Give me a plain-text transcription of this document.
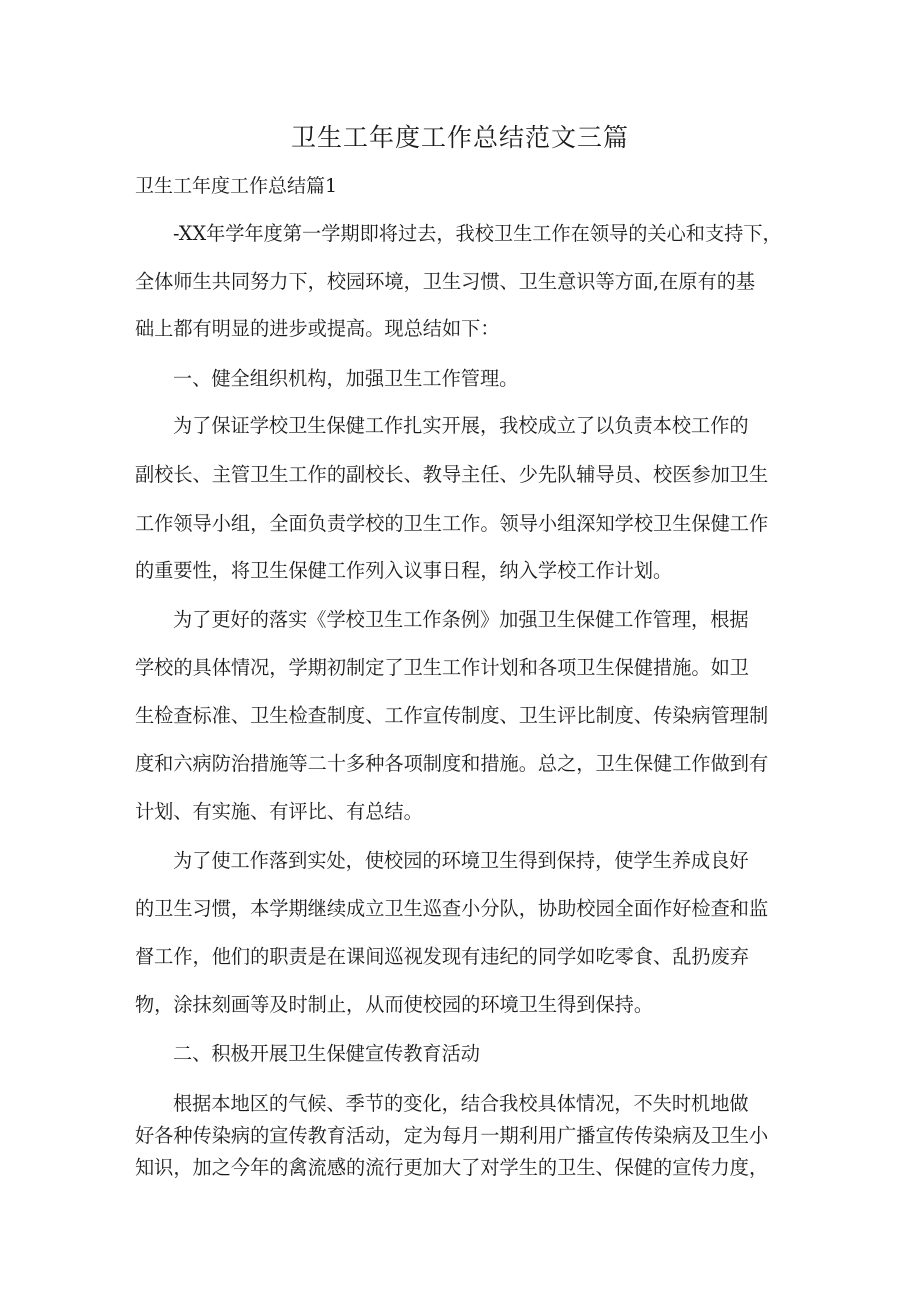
卫生工年度工作总结范文三篇
卫生工年度工作总结篇1
-XX年学年度第一学期即将过去，我校卫生工作在领导的关心和支持下，
全体师生共同努力下，校园环境，卫生习惯、卫生意识等方面,在原有的基
础上都有明显的进步或提高。现总结如下：
一、健全组织机构，加强卫生工作管理。
为了保证学校卫生保健工作扎实开展，我校成立了以负责本校工作的
副校长、主管卫生工作的副校长、教导主任、少先队辅导员、校医参加卫生
工作领导小组，全面负责学校的卫生工作。领导小组深知学校卫生保健工作
的重要性，将卫生保健工作列入议事日程，纳入学校工作计划。
为了更好的落实《学校卫生工作条例》加强卫生保健工作管理，根据
学校的具体情况，学期初制定了卫生工作计划和各项卫生保健措施。如卫
生检查标准、卫生检查制度、工作宣传制度、卫生评比制度、传染病管理制
度和六病防治措施等二十多种各项制度和措施。总之，卫生保健工作做到有
计划、有实施、有评比、有总结。
为了使工作落到实处，使校园的环境卫生得到保持，使学生养成良好
的卫生习惯，本学期继续成立卫生巡查小分队，协助校园全面作好检查和监
督工作，他们的职责是在课间巡视发现有违纪的同学如吃零食、乱扔废弃
物，涂抹刻画等及时制止，从而使校园的环境卫生得到保持。
二、积极开展卫生保健宣传教育活动
根据本地区的气候、季节的变化，结合我校具体情况，不失时机地做
好各种传染病的宣传教育活动，定为每月一期利用广播宣传传染病及卫生小
知识，加之今年的禽流感的流行更加大了对学生的卫生、保健的宣传力度，
